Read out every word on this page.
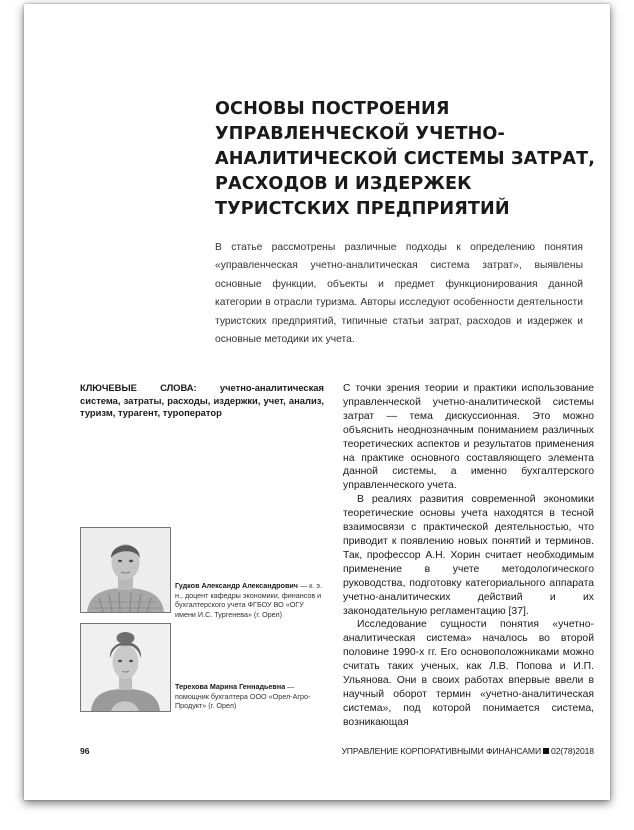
ОСНОВЫ ПОСТРОЕНИЯ УПРАВЛЕНЧЕСКОЙ УЧЕТНО-АНАЛИТИЧЕСКОЙ СИСТЕМЫ ЗАТРАТ, РАСХОДОВ И ИЗДЕРЖЕК ТУРИСТСКИХ ПРЕДПРИЯТИЙ

В статье рассмотрены различные подходы к определению понятия «управленческая учетно-аналитическая система затрат», выявлены основные функции, объекты и предмет функционирования данной категории в отрасли туризма. Авторы исследуют особенности деятельности туристских предприятий, типичные статьи затрат, расходов и издержек и основные методики их учета.

КЛЮЧЕВЫЕ СЛОВА: учетно-аналитическая система, затраты, расходы, издержки, учет, анализ, туризм, турагент, туроператор

С точки зрения теории и практики использование управленческой учетно-аналитической системы затрат — тема дискуссионная. Это можно объяснить неоднозначным пониманием различных теоретических аспектов и результатов применения на практике основного составляющего элемента данной системы, а именно бухгалтерского управленческого учета.

В реалиях развития современной экономики теоретические основы учета находятся в тесной взаимосвязи с практической деятельностью, что приводит к появлению новых понятий и терминов. Так, профессор А.Н. Хорин считает необходимым применение в учете методологического руководства, подготовку категориального аппарата учетно-аналитических действий и их законодательную регламентацию [37].

Исследование сущности понятия «учетно-аналитическая система» началось во второй половине 1990-х гг. Его основоположниками можно считать таких ученых, как Л.В. Попова и И.П. Ульянова. Они в своих работах впервые ввели в научный оборот термин «учетно-аналитическая система», под которой понимается система, возникающая

Гудков Александр Александрович — к. э. н., доцент кафедры экономики, финансов и бухгалтерского учета ФГБОУ ВО «ОГУ имени И.С. Тургенева» (г. Орел)

Терехова Марина Геннадьевна — помощник бухгалтера ООО «Орел-Агро-Продукт» (г. Орел)

96	УПРАВЛЕНИЕ КОРПОРАТИВНЫМИ ФИНАНСАМИ 02(78)2018
